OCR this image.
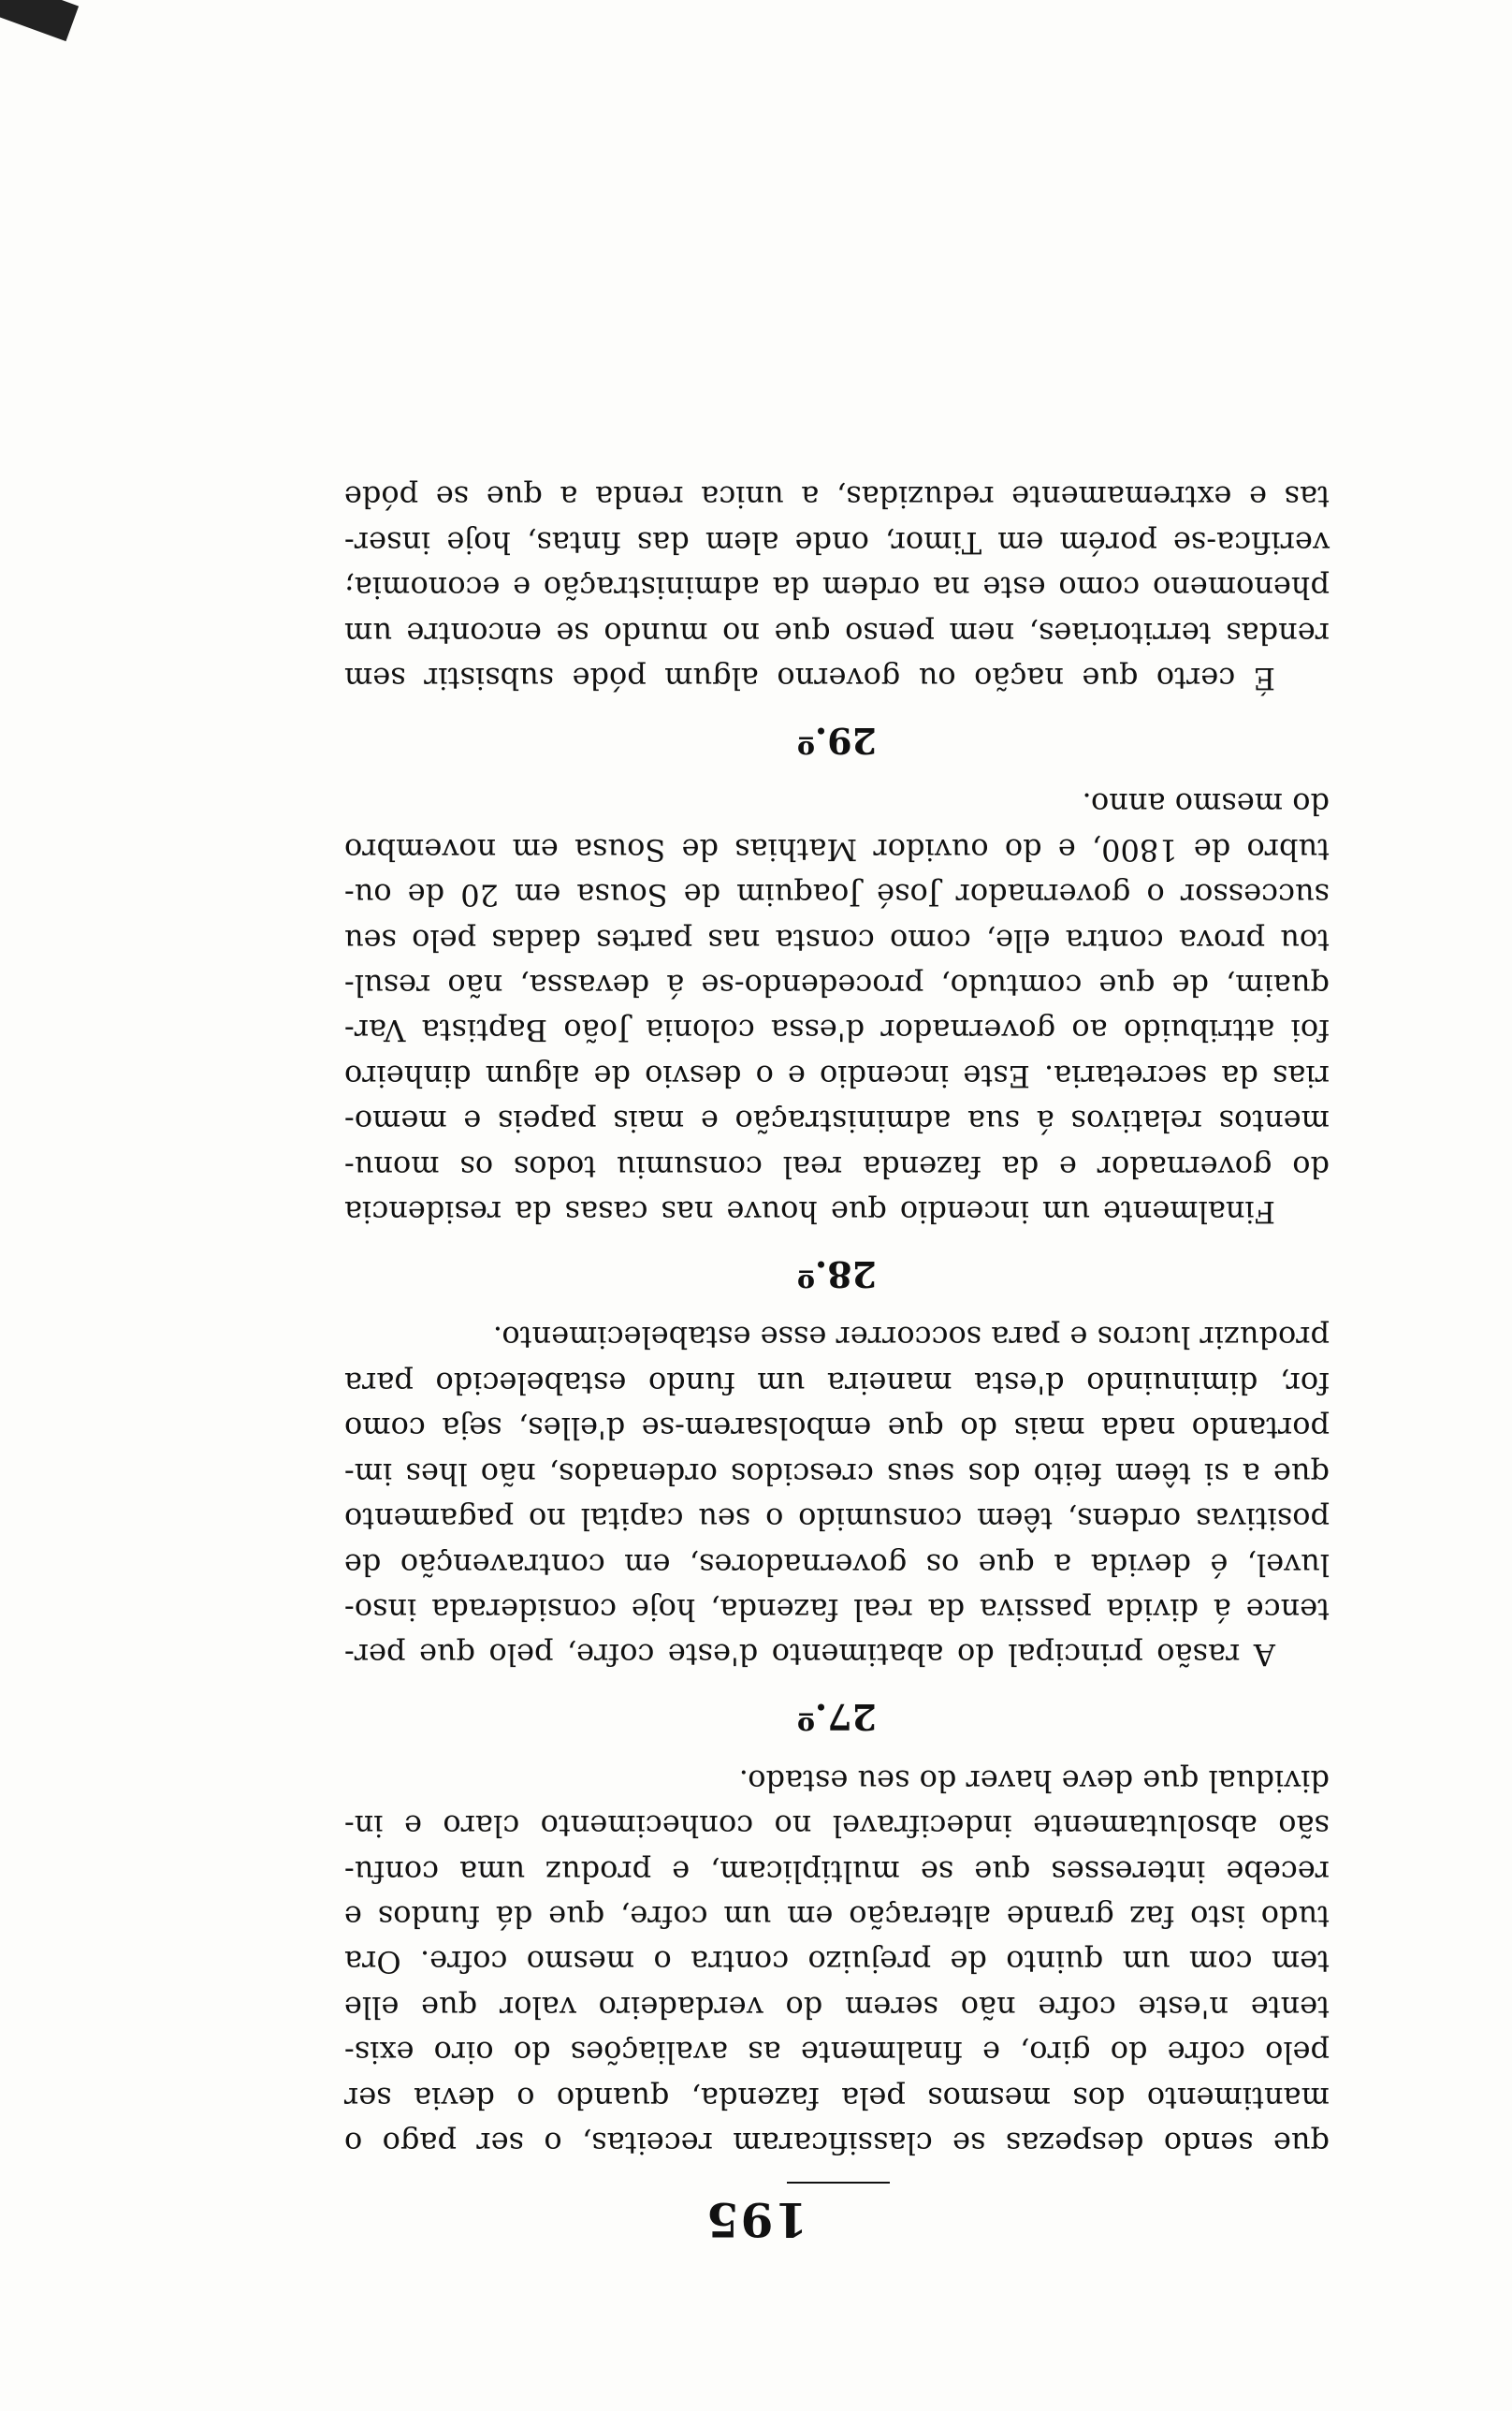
195
que sendo despezas se classificaram receitas, o ser pago o
mantimento dos mesmos pela fazenda, quando o devia ser
pelo cofre do giro, e finalmente as avaliações do oiro exis-
tente n'este cofre não serem do verdadeiro valor que elle
tem com um quinto de prejuizo contra o mesmo cofre. Ora
tudo isto faz grande alteração em um cofre, que dá fundos e
recebe interesses que se multiplicam, e produz uma confu-
são absolutamente indecifravel no conhecimento claro e in-
dividual que deve haver do seu estado.
27.º
A rasão principal do abatimento d'este cofre, pelo que per-
tence á divida passiva da real fazenda, hoje considerada inso-
luvel, é devida a que os governadores, em contravenção de
positivas ordens, têem consumido o seu capital no pagamento
que a si têem feito dos seus crescidos ordenados, não lhes im-
portando nada mais do que embolsarem-se d'elles, seja como
for, diminuindo d'esta maneira um fundo estabelecido para
produzir lucros e para soccorrer esse estabelecimento.
28.º
Finalmente um incendio que houve nas casas da residencia
do governador e da fazenda real consumiu todos os monu-
mentos relativos á sua administração e mais papeis e memo-
rias da secretaria. Este incendio e o desvio de algum dinheiro
foi attribuido ao governador d'essa colonia João Baptista Var-
quaim, de que comtudo, procedendo-se á devassa, não resul-
tou prova contra elle, como consta nas partes dadas pelo seu
successor o governador José Joaquim de Sousa em 20 de ou-
tubro de 1800, e do ouvidor Mathias de Sousa em novembro
do mesmo anno.
29.º
É certo que nação ou governo algum póde subsistir sem
rendas territoriaes, nem penso que no mundo se encontre um
phenomeno como este na ordem da administração e economia;
verifica-se porém em Timor, onde alem das fintas, hoje inser-
tas e extremamente reduzidas, a unica renda a que se póde
